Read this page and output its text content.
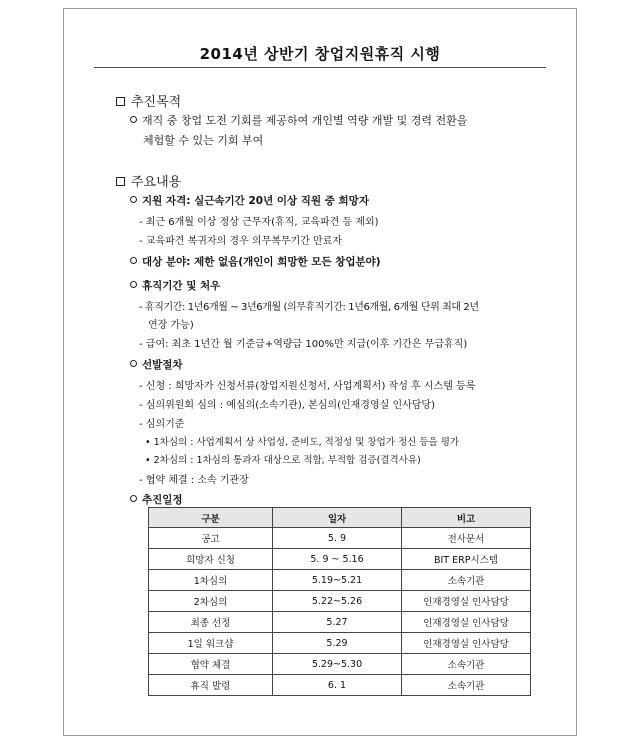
2014년 상반기 창업지원휴직 시행
추진목적
재직 중 창업 도전 기회를 제공하여 개인별 역량 개발 및 경력 전환을
체험할 수 있는 기회 부여
주요내용
지원 자격: 실근속기간 20년 이상 직원 중 희망자
- 최근 6개월 이상 정상 근무자(휴직, 교육파견 등 제외)
- 교육파견 복귀자의 경우 의무복무기간 만료자
대상 분야: 제한 없음(개인이 희망한 모든 창업분야)
휴직기간 및 처우
- 휴직기간: 1년6개월 ~ 3년6개월 (의무휴직기간: 1년6개월, 6개월 단위 최대 2년
연장 가능)
- 급여: 최초 1년간 월 기준급+역량급 100%만 지급(이후 기간은 무급휴직)
선발절차
- 신청 : 희망자가 신청서류(창업지원신청서, 사업계획서) 작성 후 시스템 등록
- 심의위원회 심의 : 예심의(소속기관), 본심의(인재경영실 인사담당)
- 심의기준
• 1차심의 : 사업계획서 상 사업성, 준비도, 적정성 및 창업가 정신 등을 평가
• 2차심의 : 1차심의 통과자 대상으로 적합, 부적합 검증(결격사유)
- 협약 체결 : 소속 기관장
추진일정
구분	일자	비고
공고	5. 9	전사문서
희망자 신청	5. 9 ~ 5.16	BIT ERP시스템
1차심의	5.19~5.21	소속기관
2차심의	5.22~5.26	인재경영실 인사담당
최종 선정	5.27	인재경영실 인사담당
1일 워크샵	5.29	인재경영실 인사담당
협약 체결	5.29~5.30	소속기관
휴직 발령	6. 1	소속기관
